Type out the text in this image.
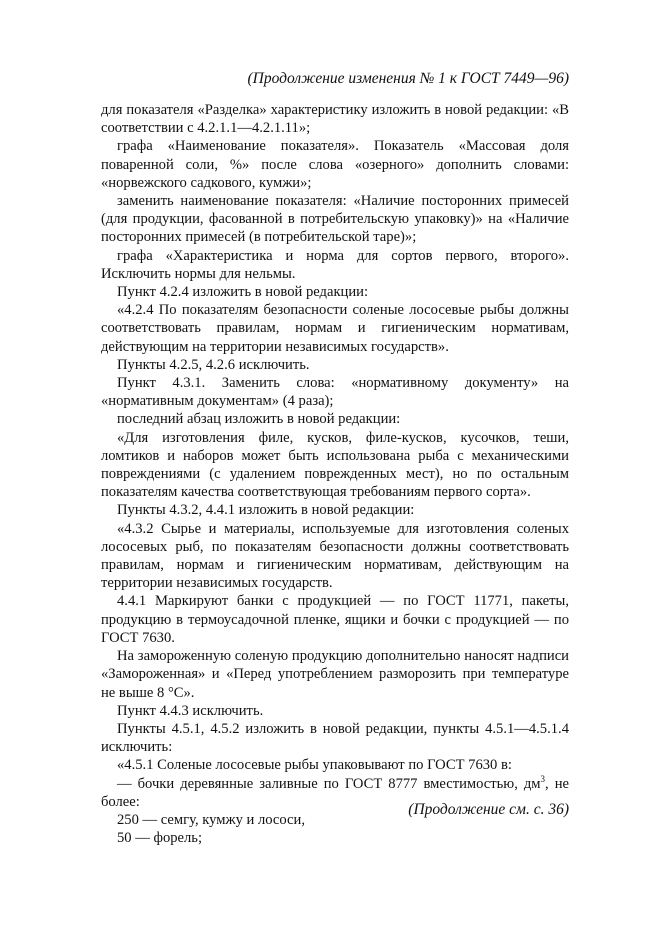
(Продолжение изменения № 1 к ГОСТ 7449—96)

для показателя «Разделка» характеристику изложить в новой редакции: «В соответствии с 4.2.1.1—4.2.1.11»;

графа «Наименование показателя». Показатель «Массовая доля поваренной соли, %» после слова «озерного» дополнить словами: «норвежского садкового, кумжи»;

заменить наименование показателя: «Наличие посторонних примесей (для продукции, фасованной в потребительскую упаковку)» на «Наличие посторонних примесей (в потребительской таре)»;

графа «Характеристика и норма для сортов первого, второго». Исключить нормы для нельмы.

Пункт 4.2.4 изложить в новой редакции:

«4.2.4 По показателям безопасности соленые лососевые рыбы должны соответствовать правилам, нормам и гигиеническим нормативам, действующим на территории независимых государств».

Пункты 4.2.5, 4.2.6 исключить.

Пункт 4.3.1. Заменить слова: «нормативному документу» на «нормативным документам» (4 раза);

последний абзац изложить в новой редакции:

«Для изготовления филе, кусков, филе-кусков, кусочков, теши, ломтиков и наборов может быть использована рыба с механическими повреждениями (с удалением поврежденных мест), но по остальным показателям качества соответствующая требованиям первого сорта».

Пункты 4.3.2, 4.4.1 изложить в новой редакции:

«4.3.2 Сырье и материалы, используемые для изготовления соленых лососевых рыб, по показателям безопасности должны соответствовать правилам, нормам и гигиеническим нормативам, действующим на территории независимых государств.

4.4.1 Маркируют банки с продукцией — по ГОСТ 11771, пакеты, продукцию в термоусадочной пленке, ящики и бочки с продукцией — по ГОСТ 7630.

На замороженную соленую продукцию дополнительно наносят надписи «Замороженная» и «Перед употреблением разморозить при температуре не выше 8 °С».

Пункт 4.4.3 исключить.

Пункты 4.5.1, 4.5.2 изложить в новой редакции, пункты 4.5.1—4.5.1.4 исключить:

«4.5.1 Соленые лососевые рыбы упаковывают по ГОСТ 7630 в:

— бочки деревянные заливные по ГОСТ 8777 вместимостью, $дм^3$, не более:

250 — семгу, кумжу и лососи,

50 — форель;

(Продолжение см. с. 36)
